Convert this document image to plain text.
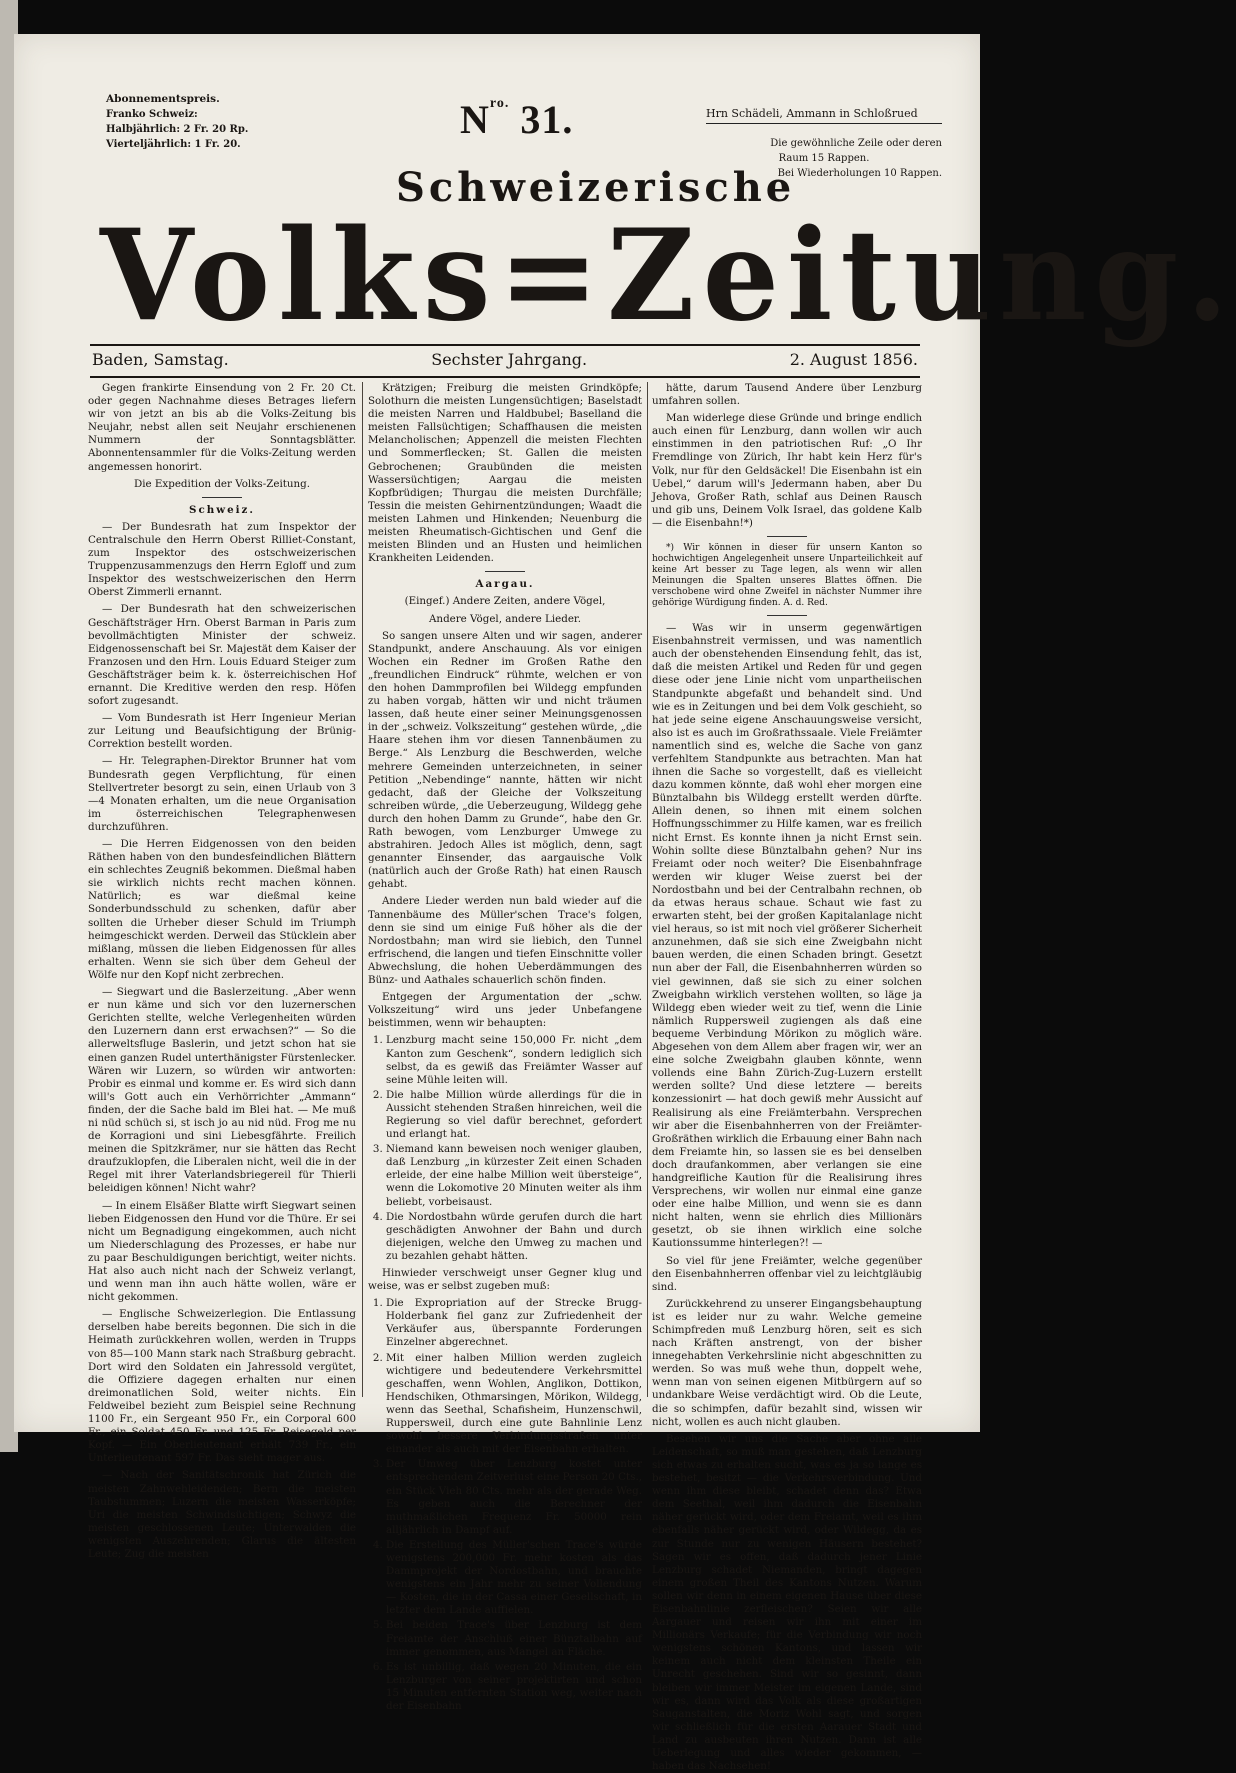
Abonnementspreis.
Franko Schweiz:
Halbjährlich: 2 Fr. 20 Rp.
Vierteljährlich: 1 Fr. 20.
$N^{ro.}$ 31.	Hrn Schädeli, Ammann in Schloßrued
Die gewöhnliche Zeile oder deren
Raum 15 Rappen.
Bei Wiederholungen 10 Rappen.
Schweizerische
Volks=Zeitung.
Baden, Samstag.	Sechster Jahrgang.	2. August 1856.

Gegen frankirte Einsendung von 2 Fr. 20 Ct. oder gegen Nachnahme dieses Betrages liefern wir von jetzt an bis ab die Volks-Zeitung bis Neujahr, nebst allen seit Neujahr erschienenen Nummern der Sonntagsblätter. Abonnentensammler für die Volks-Zeitung werden angemessen honorirt.

Die Expedition der Volks-Zeitung.

Schweiz.

— Der Bundesrath hat zum Inspektor der Centralschule den Herrn Oberst Rilliet-Constant, zum Inspektor des ostschweizerischen Truppenzusammenzugs den Herrn Egloff und zum Inspektor des westschweizerischen den Herrn Oberst Zimmerli ernannt.

— Der Bundesrath hat den schweizerischen Geschäftsträger Hrn. Oberst Barman in Paris zum bevollmächtigten Minister der schweiz. Eidgenossenschaft bei Sr. Majestät dem Kaiser der Franzosen und den Hrn. Louis Eduard Steiger zum Geschäftsträger beim k. k. österreichischen Hof ernannt. Die Kreditive werden den resp. Höfen sofort zugesandt.

— Vom Bundesrath ist Herr Ingenieur Merian zur Leitung und Beaufsichtigung der Brünig-Correktion bestellt worden.

— Hr. Telegraphen-Direktor Brunner hat vom Bundesrath gegen Verpflichtung, für einen Stellvertreter besorgt zu sein, einen Urlaub von 3—4 Monaten erhalten, um die neue Organisation im österreichischen Telegraphenwesen durchzuführen.

— Die Herren Eidgenossen von den beiden Räthen haben von den bundesfeindlichen Blättern ein schlechtes Zeugniß bekommen. Dießmal haben sie wirklich nichts recht machen können. Natürlich; es war dießmal keine Sonderbundsschuld zu schenken, dafür aber sollten die Urheber dieser Schuld im Triumph heimgeschickt werden. Derweil das Stücklein aber mißlang, müssen die lieben Eidgenossen für alles erhalten. Wenn sie sich über dem Geheul der Wölfe nur den Kopf nicht zerbrechen.

— Siegwart und die Baslerzeitung. „Aber wenn er nun käme und sich vor den luzernerschen Gerichten stellte, welche Verlegenheiten würden den Luzernern dann erst erwachsen?“ — So die allerweltsfluge Baslerin, und jetzt schon hat sie einen ganzen Rudel unterthänigster Fürstenlecker. Wären wir Luzern, so würden wir antworten: Probir es einmal und komme er. Es wird sich dann will's Gott auch ein Verhörrichter „Ammann“ finden, der die Sache bald im Blei hat. — Me muß ni nüd schüch si, st isch jo au nid nüd. Frog me nu de Korragioni und sini Liebesgfährte. Freilich meinen die Spitzkrämer, nur sie hätten das Recht draufzuklopfen, die Liberalen nicht, weil die in der Regel mit ihrer Vaterlandsbriegereil für Thierli beleidigen können! Nicht wahr?

— In einem Elsäßer Blatte wirft Siegwart seinen lieben Eidgenossen den Hund vor die Thüre. Er sei nicht um Begnadigung eingekommen, auch nicht um Niederschlagung des Prozesses, er habe nur zu paar Beschuldigungen berichtigt, weiter nichts. Hat also auch nicht nach der Schweiz verlangt, und wenn man ihn auch hätte wollen, wäre er nicht gekommen.

— Englische Schweizerlegion. Die Entlassung derselben habe bereits begonnen. Die sich in die Heimath zurückkehren wollen, werden in Trupps von 85—100 Mann stark nach Straßburg gebracht. Dort wird den Soldaten ein Jahressold vergütet, die Offiziere dagegen erhalten nur einen dreimonatlichen Sold, weiter nichts. Ein Feldweibel bezieht zum Beispiel seine Rechnung 1100 Fr., ein Sergeant 950 Fr., ein Corporal 600 Fr., ein Soldat 450 Fr. und 125 Fr. Reisegeld per Kopf. — Ein Oberlieutenant erhält 739 Fr., ein Unterlieutenant 597 Fr. Das sieht mager aus.

— Nach der Sanitätschronik hat Zürich die meisten Zahnwehleidenden; Bern die meisten Taubstummen; Luzern die meisten Wasserköpfe; Uri die meisten Schwindsüchtigen; Schwyz die meisten geschlossenen Leute; Unterwalden die wenigsten Auszehrenden; Glarus die ältesten Leute; Zug die meisten

Krätzigen; Freiburg die meisten Grindköpfe; Solothurn die meisten Lungensüchtigen; Baselstadt die meisten Narren und Haldbubel; Baselland die meisten Fallsüchtigen; Schaffhausen die meisten Melancholischen; Appenzell die meisten Flechten und Sommerflecken; St. Gallen die meisten Gebrochenen; Graubünden die meisten Wassersüchtigen; Aargau die meisten Kopfbrüdigen; Thurgau die meisten Durchfälle; Tessin die meisten Gehirnentzündungen; Waadt die meisten Lahmen und Hinkenden; Neuenburg die meisten Rheumatisch-Gichtischen und Genf die meisten Blinden und an Husten und heimlichen Krankheiten Leidenden.

Aargau.

(Eingef.) Andere Zeiten, andere Vögel,

Andere Vögel, andere Lieder.

So sangen unsere Alten und wir sagen, anderer Standpunkt, andere Anschauung. Als vor einigen Wochen ein Redner im Großen Rathe den „freundlichen Eindruck“ rühmte, welchen er von den hohen Dammprofilen bei Wildegg empfunden zu haben vorgab, hätten wir und nicht träumen lassen, daß heute einer seiner Meinungsgenossen in der „schweiz. Volkszeitung“ gestehen würde, „die Haare stehen ihm vor diesen Tannenbäumen zu Berge.“ Als Lenzburg die Beschwerden, welche mehrere Gemeinden unterzeichneten, in seiner Petition „Nebendinge“ nannte, hätten wir nicht gedacht, daß der Gleiche der Volkszeitung schreiben würde, „die Ueberzeugung, Wildegg gehe durch den hohen Damm zu Grunde“, habe den Gr. Rath bewogen, vom Lenzburger Umwege zu abstrahiren. Jedoch Alles ist möglich, denn, sagt genannter Einsender, das aargauische Volk (natürlich auch der Große Rath) hat einen Rausch gehabt.

Andere Lieder werden nun bald wieder auf die Tannenbäume des Müller'schen Trace's folgen, denn sie sind um einige Fuß höher als die der Nordostbahn; man wird sie liebich, den Tunnel erfrischend, die langen und tiefen Einschnitte voller Abwechslung, die hohen Ueberdämmungen des Bünz- und Aathales schauerlich schön finden.

Entgegen der Argumentation der „schw. Volkszeitung“ wird uns jeder Unbefangene beistimmen, wenn wir behaupten:

1. Lenzburg macht seine 150,000 Fr. nicht „dem Kanton zum Geschenk“, sondern lediglich sich selbst, da es gewiß das Freiämter Wasser auf seine Mühle leiten will.
2. Die halbe Million würde allerdings für die in Aussicht stehenden Straßen hinreichen, weil die Regierung so viel dafür berechnet, gefordert und erlangt hat.
3. Niemand kann beweisen noch weniger glauben, daß Lenzburg „in kürzester Zeit einen Schaden erleide, der eine halbe Million weit übersteige“, wenn die Lokomotive 20 Minuten weiter als ihm beliebt, vorbeisaust.
4. Die Nordostbahn würde gerufen durch die hart geschädigten Anwohner der Bahn und durch diejenigen, welche den Umweg zu machen und zu bezahlen gehabt hätten.

Hinwieder verschweigt unser Gegner klug und weise, was er selbst zugeben muß:

1. Die Expropriation auf der Strecke Brugg-Holderbank fiel ganz zur Zufriedenheit der Verkäufer aus, überspannte Forderungen Einzelner abgerechnet.
2. Mit einer halben Million werden zugleich wichtigere und bedeutendere Verkehrsmittel geschaffen, wenn Wohlen, Anglikon, Dottikon, Hendschiken, Othmarsingen, Mörikon, Wildegg, wenn das Seethal, Schafisheim, Hunzenschwil, Ruppersweil, durch eine gute Bahnlinie Lenz sowohl bessere Verbindungsstraßen unter einander als auch mit der Eisenbahn erhalten.
3. Der Umweg über Lenzburg kostet unter entsprechendem Zeitverlust eine Person 20 Cts., ein Stück Vieh 80 Cts. mehr als der gerade Weg. Es geben auch die Berechner der muthmaßlichen Frequenz Fr. 50000 rein alljährlich in Dampf auf.
4. Die Erstellung des Müller'schen Trace's würde wenigstens 200,000 Fr. mehr kosten als das Dammprojekt der Nordostbahn, und brauchte wenigstens ein Jahr mehr zu seiner Vollendung — Kosten, die in der Cassa einer Gesellschaft, in letzter dem Lande auffielen.
5. Bei beiden Trace's über Lenzburg ist dem Freiamte der Anschluß einer Bünztalbahn auf immer genommen, aus Mangel an Fläche.
6. Es ist unbillig, daß wegen 20 Minuten, die ein Lenzburger von seiner projektirten und schon 15 Minuten entfernten Station weg, weiter nach der Eisenbahn

hätte, darum Tausend Andere über Lenzburg umfahren sollen.

Man widerlege diese Gründe und bringe endlich auch einen für Lenzburg, dann wollen wir auch einstimmen in den patriotischen Ruf: „O Ihr Fremdlinge von Zürich, Ihr habt kein Herz für's Volk, nur für den Geldsäckel! Die Eisenbahn ist ein Uebel,“ darum will's Jedermann haben, aber Du Jehova, Großer Rath, schlaf aus Deinen Rausch und gib uns, Deinem Volk Israel, das goldene Kalb — die Eisenbahn!*)

*) Wir können in dieser für unsern Kanton so hochwichtigen Angelegenheit unsere Unparteilichkeit auf keine Art besser zu Tage legen, als wenn wir allen Meinungen die Spalten unseres Blattes öffnen. Die verschobene wird ohne Zweifel in nächster Nummer ihre gehörige Würdigung finden. A. d. Red.

— Was wir in unserm gegenwärtigen Eisenbahnstreit vermissen, und was namentlich auch der obenstehenden Einsendung fehlt, das ist, daß die meisten Artikel und Reden für und gegen diese oder jene Linie nicht vom unpartheiischen Standpunkte abgefaßt und behandelt sind. Und wie es in Zeitungen und bei dem Volk geschieht, so hat jede seine eigene Anschauungsweise versicht, also ist es auch im Großrathssaale. Viele Freiämter namentlich sind es, welche die Sache von ganz verfehltem Standpunkte aus betrachten. Man hat ihnen die Sache so vorgestellt, daß es vielleicht dazu kommen könnte, daß wohl eher morgen eine Bünztalbahn bis Wildegg erstellt werden dürfte. Allein denen, so ihnen mit einem solchen Hoffnungsschimmer zu Hilfe kamen, war es freilich nicht Ernst. Es konnte ihnen ja nicht Ernst sein. Wohin sollte diese Bünztalbahn gehen? Nur ins Freiamt oder noch weiter? Die Eisenbahnfrage werden wir kluger Weise zuerst bei der Nordostbahn und bei der Centralbahn rechnen, ob da etwas heraus schaue. Schaut wie fast zu erwarten steht, bei der großen Kapitalanlage nicht viel heraus, so ist mit noch viel größerer Sicherheit anzunehmen, daß sie sich eine Zweigbahn nicht bauen werden, die einen Schaden bringt. Gesetzt nun aber der Fall, die Eisenbahnherren würden so viel gewinnen, daß sie sich zu einer solchen Zweigbahn wirklich verstehen wollten, so läge ja Wildegg eben wieder weit zu tief, wenn die Linie nämlich Ruppersweil zugiengen als daß eine bequeme Verbindung Mörikon zu möglich wäre. Abgesehen von dem Allem aber fragen wir, wer an eine solche Zweigbahn glauben könnte, wenn vollends eine Bahn Zürich-Zug-Luzern erstellt werden sollte? Und diese letztere — bereits konzessionirt — hat doch gewiß mehr Aussicht auf Realisirung als eine Freiämterbahn. Versprechen wir aber die Eisenbahnherren von der Freiämter-Großräthen wirklich die Erbauung einer Bahn nach dem Freiamte hin, so lassen sie es bei denselben doch draufankommen, aber verlangen sie eine handgreifliche Kaution für die Realisirung ihres Versprechens, wir wollen nur einmal eine ganze oder eine halbe Million, und wenn sie es dann nicht halten, wenn sie ehrlich dies Millionärs gesetzt, ob sie ihnen wirklich eine solche Kautionssumme hinterlegen?! —

So viel für jene Freiämter, welche gegenüber den Eisenbahnherren offenbar viel zu leichtgläubig sind.

Zurückkehrend zu unserer Eingangsbehauptung ist es leider nur zu wahr. Welche gemeine Schimpfreden muß Lenzburg hören, seit es sich nach Kräften anstrengt, von der bisher innegehabten Verkehrslinie nicht abgeschnitten zu werden. So was muß wehe thun, doppelt wehe, wenn man von seinen eigenen Mitbürgern auf so undankbare Weise verdächtigt wird. Ob die Leute, die so schimpfen, dafür bezahlt sind, wissen wir nicht, wollen es auch nicht glauben.

Besehen wir uns die Sache aber ohne alle Leidenschaft, so muß man gestehen, daß Lenzburg sich etwas zu erhalten sucht, was es ja so lange es bestehet, besitzt — die Verkehrsverbindung. Und wenn ihm diese bleibt, schadet denn das? Etwa dem Seethal, weil ihm dadurch die Eisenbahn näher gerückt wird, oder dem Freiamt, weil es ihm ebenfalls näher gerückt wird, oder Wildegg, da es zur Stunde nur zu wenigen Häusern bestehet? Sagen wir es offen, daß dadurch jener Linie Lenzburg schadet Niemanden, bringt dagegen einem großen Theil des Kantons Nutzen. Warum sollen wir denn in einem eigenen Hause über diese Eisenbahnlinie zerfleischen? Seien wir alle Aargauer und reisen wir ihn mit einer im Millionärs Verkaufe; für die Verbindung wir noch wenigstens schönen Kantons, und lassen wir keinem auch nicht dem kleinsten Theile ein Unrecht geschehen. Sind wir so gesinnt, dann bleiben wir immer Meister im eigenen Lande, sind wir es, dann wird das Volk als diese großartigen Sauganstalten, die Moriz Wohl sagt, und sorgen wir schließlich für die ersten Aarauer Stadt und Land zu ausbeuten ihren Nutzen. Dann ist alle Ueberlegung und alles wieder gekommen, — haben das Nachsehen!
